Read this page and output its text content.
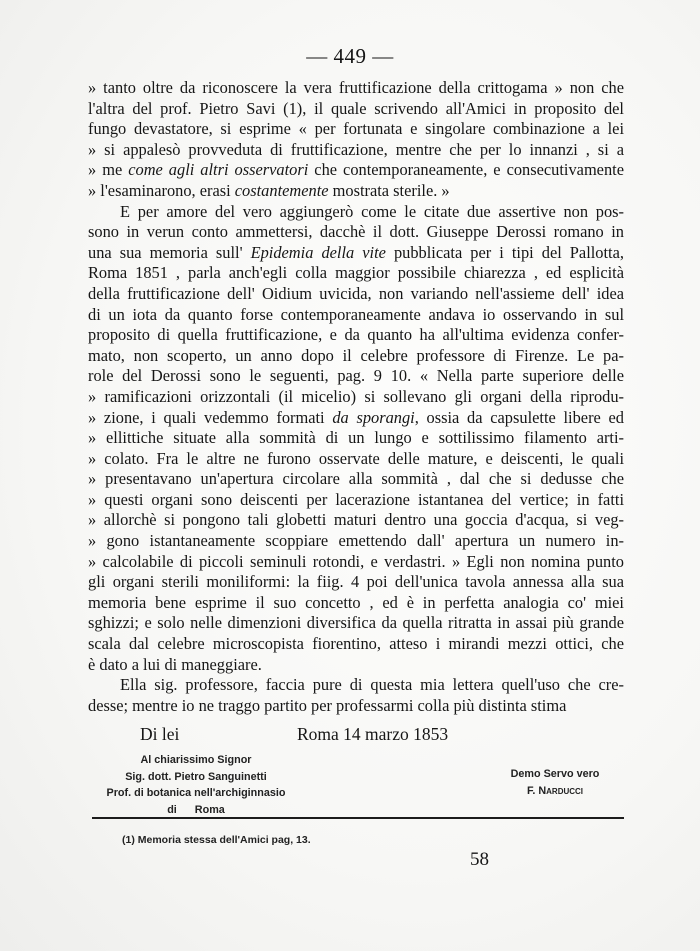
— 449 —
» tanto oltre da riconoscere la vera fruttificazione della crittogama » non che
l'altra del prof. Pietro Savi (1), il quale scrivendo all'Amici in proposito del
fungo devastatore, si esprime « per fortunata e singolare combinazione a lei
» si appalesò provveduta di fruttificazione, mentre che per lo innanzi , si a
» me come agli altri osservatori che contemporaneamente, e consecutivamente
» l'esaminarono, erasi costantemente mostrata sterile. »
E per amore del vero aggiungerò come le citate due assertive non pos-
sono in verun conto ammettersi, dacchè il dott. Giuseppe Derossi romano in
una sua memoria sull' Epidemia della vite pubblicata per i tipi del Pallotta,
Roma 1851 , parla anch'egli colla maggior possibile chiarezza , ed esplicità
della fruttificazione dell' Oidium uvicida, non variando nell'assieme dell' idea
di un iota da quanto forse contemporaneamente andava io osservando in sul
proposito di quella fruttificazione, e da quanto ha all'ultima evidenza confer-
mato, non scoperto, un anno dopo il celebre professore di Firenze. Le pa-
role del Derossi sono le seguenti, pag. 9 10. « Nella parte superiore delle
» ramificazioni orizzontali (il micelio) si sollevano gli organi della riprodu-
» zione, i quali vedemmo formati da sporangi, ossia da capsulette libere ed
» ellittiche situate alla sommità di un lungo e sottilissimo filamento arti-
» colato. Fra le altre ne furono osservate delle mature, e deiscenti, le quali
» presentavano un'apertura circolare alla sommità , dal che si dedusse che
» questi organi sono deiscenti per lacerazione istantanea del vertice; in fatti
» allorchè si pongono tali globetti maturi dentro una goccia d'acqua, si veg-
» gono istantaneamente scoppiare emettendo dall' apertura un numero in-
» calcolabile di piccoli seminuli rotondi, e verdastri. » Egli non nomina punto
gli organi sterili moniliformi: la fiig. 4 poi dell'unica tavola annessa alla sua
memoria bene esprime il suo concetto , ed è in perfetta analogia co' miei
sghizzi; e solo nelle dimenzioni diversifica da quella ritratta in assai più grande
scala dal celebre microscopista fiorentino, atteso i mirandi mezzi ottici, che
è dato a lui di maneggiare.
Ella sig. professore, faccia pure di questa mia lettera quell'uso che cre-
desse; mentre io ne traggo partito per professarmi colla più distinta stima
Di lei	Roma 14 marzo 1853
Al chiarissimo Signor
Sig. dott. Pietro Sanguinetti
Prof. di botanica nell'archiginnasio
di      Roma
Demo Servo vero
F. Narducci
(1) Memoria stessa dell'Amici pag, 13.
58
